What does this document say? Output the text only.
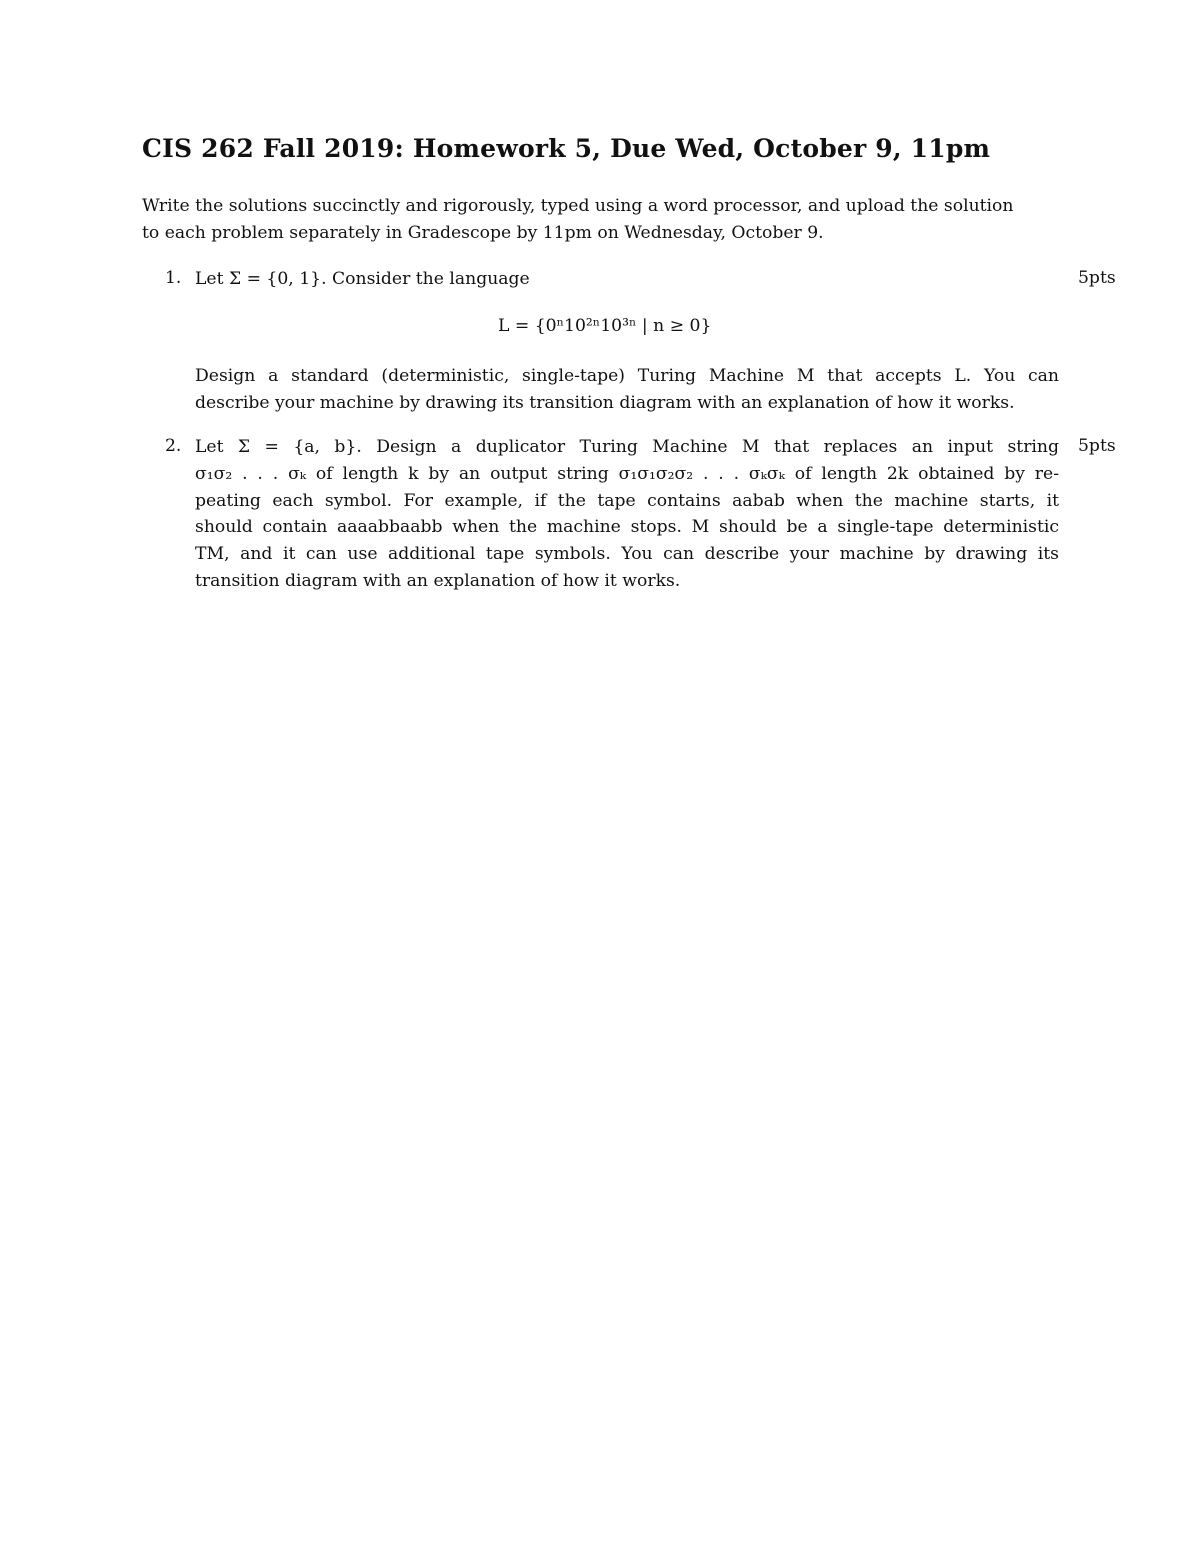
CIS 262 Fall 2019: Homework 5, Due Wed, October 9, 11pm

Write the solutions succinctly and rigorously, typed using a word processor, and upload the solution

to each problem separately in Gradescope by 11pm on Wednesday, October 9.

1. Let Σ = {0, 1}. Consider the language	5pts
L = {0ⁿ10²ⁿ10³ⁿ | n ≥ 0}
Design a standard (deterministic, single-tape) Turing Machine M that accepts L. You can
describe your machine by drawing its transition diagram with an explanation of how it works.
2.	5pts
Let Σ = {a, b}. Design a duplicator Turing Machine M that replaces an input string
σ₁σ₂ . . . σₖ of length k by an output string σ₁σ₁σ₂σ₂ . . . σₖσₖ of length 2k obtained by re-
peating each symbol. For example, if the tape contains aabab when the machine starts, it
should contain aaaabbaabb when the machine stops. M should be a single-tape deterministic
TM, and it can use additional tape symbols. You can describe your machine by drawing its
transition diagram with an explanation of how it works.
